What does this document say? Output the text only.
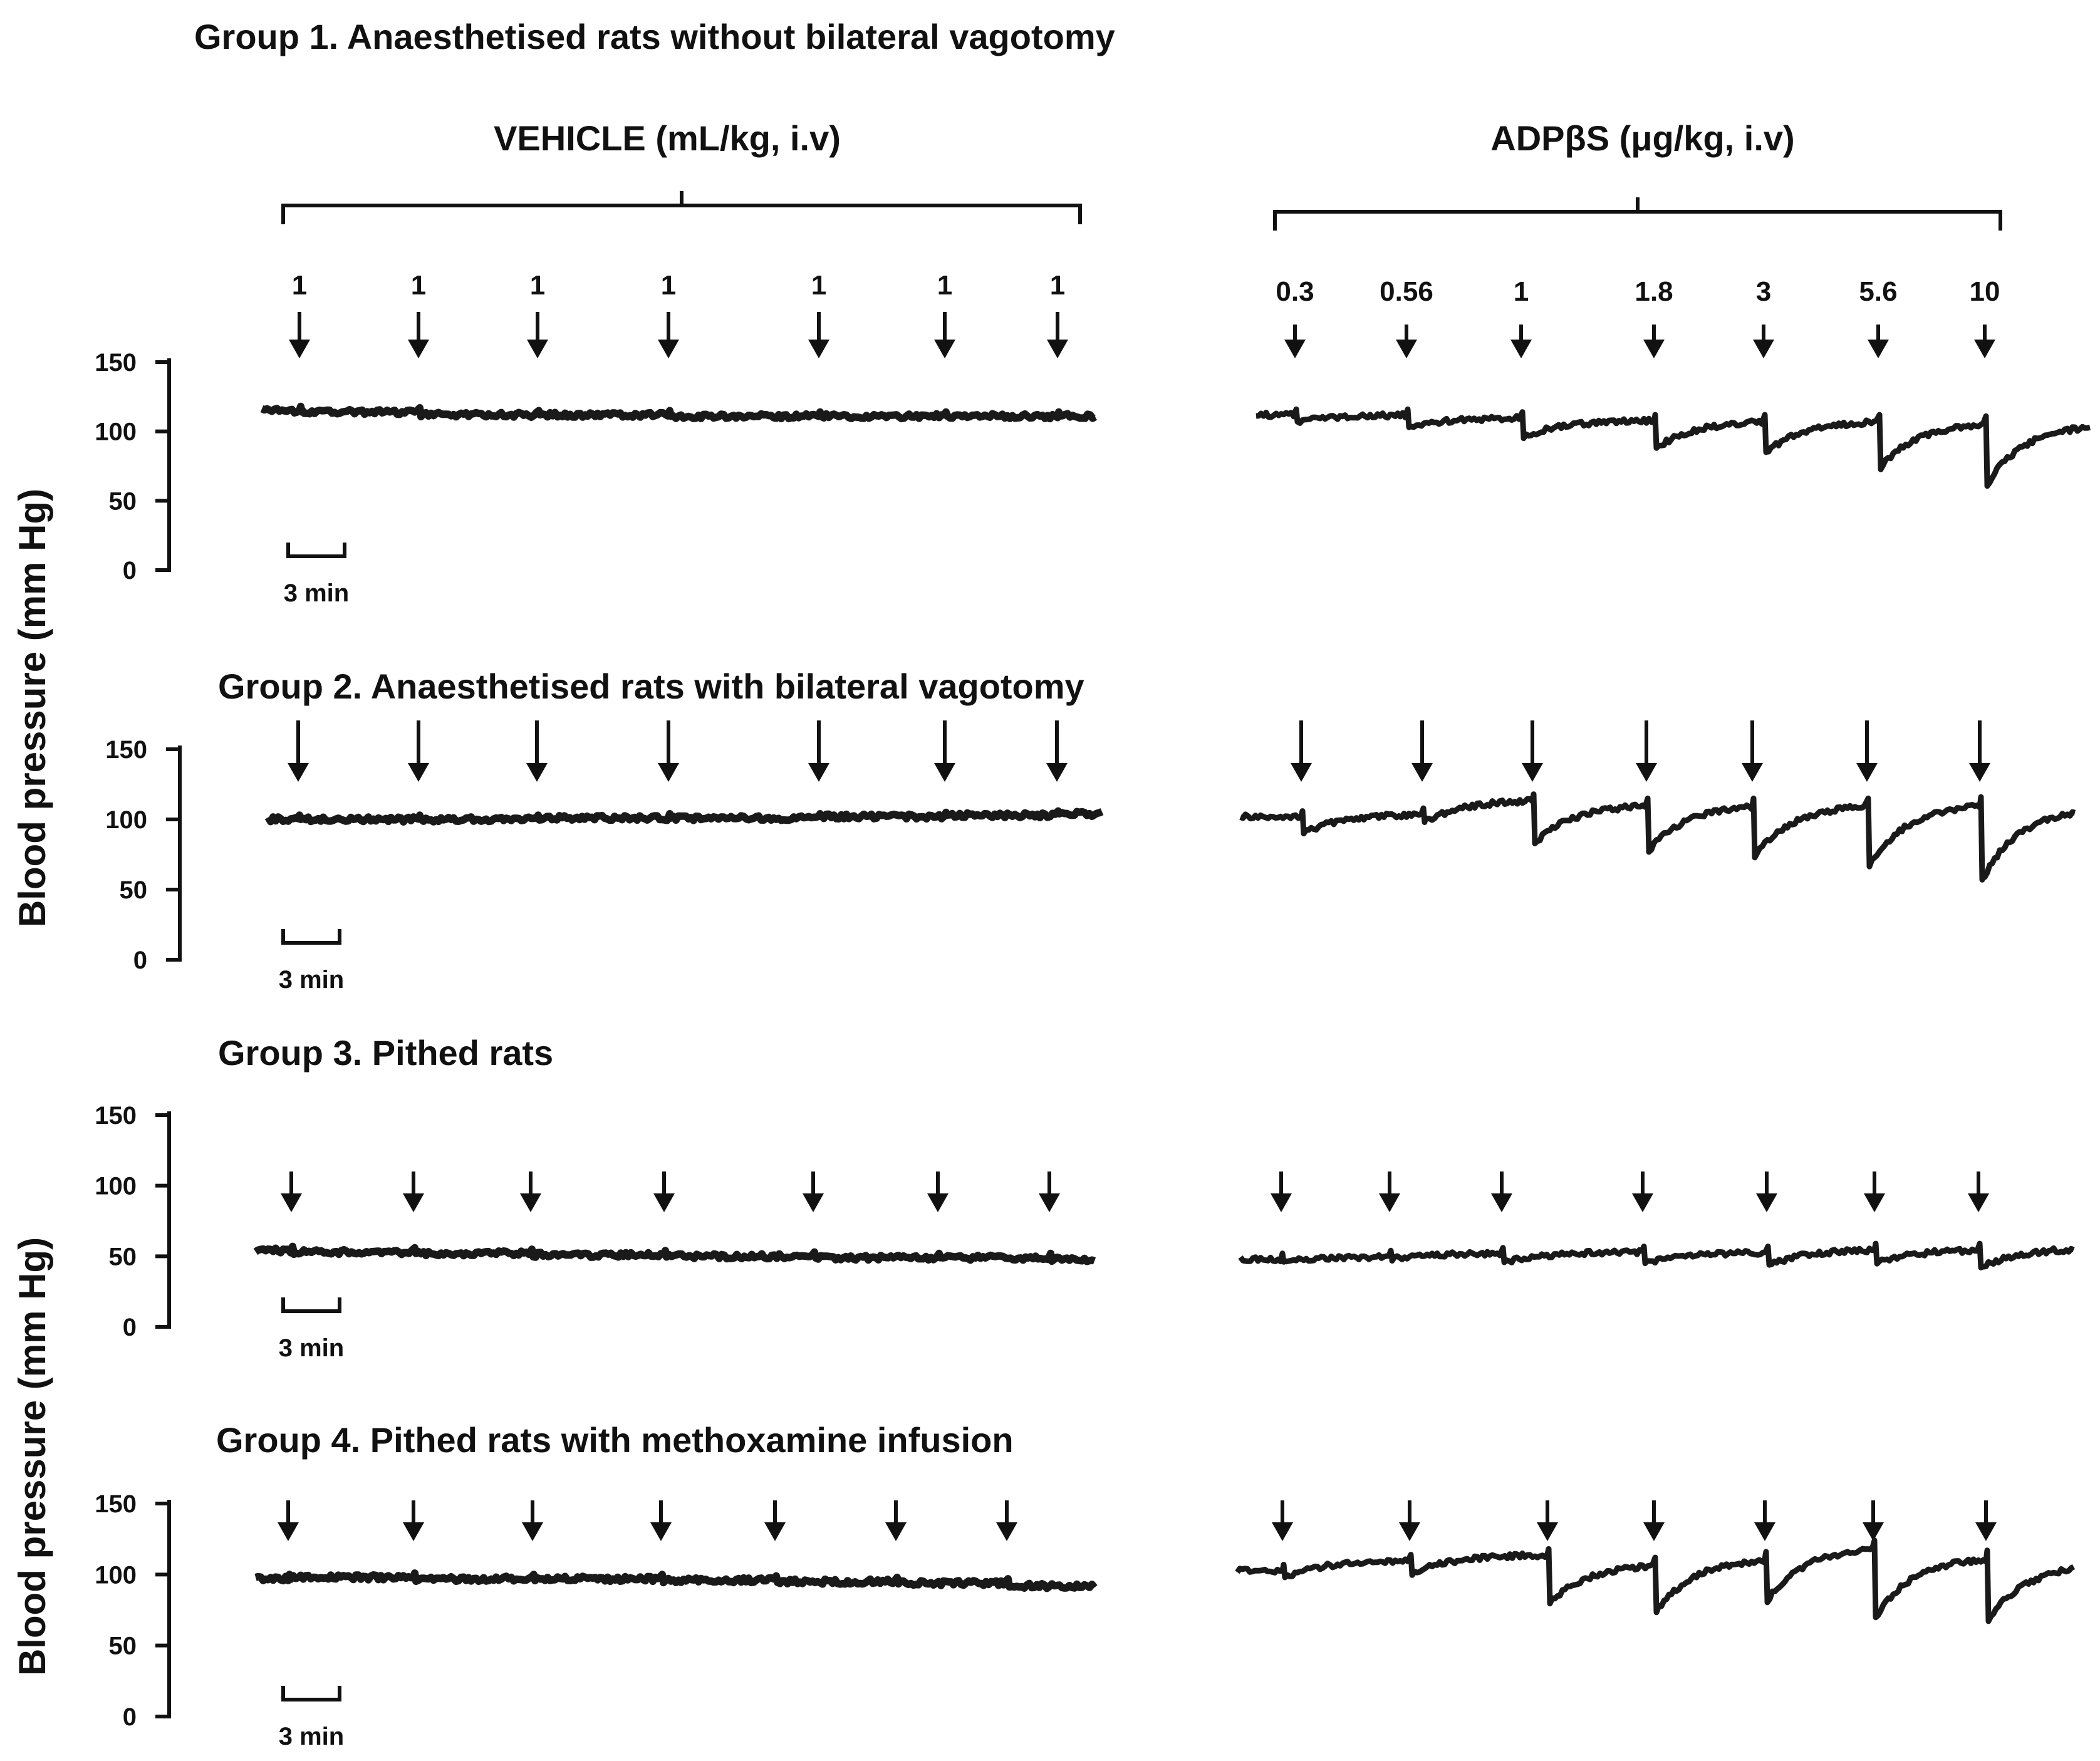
VEHICLE (mL/kg, i.v)	ADPβS (μg/kg, i.v)
Group 1. Anaesthetised rats without bilateral vagotomy
Group 2. Anaesthetised rats with bilateral vagotomy
Group 3. Pithed rats
Group 4. Pithed rats with methoxamine infusion
Blood pressure (mm Hg)
Blood pressure (mm Hg)
0
50
100
150
3 min
1	1	1	1	1	1	1	0.3 0.56	1	1.8	3	5.6	10
0
50
100
150
3 min
0
50
100
150
3 min
0
50
100
150
3 min
